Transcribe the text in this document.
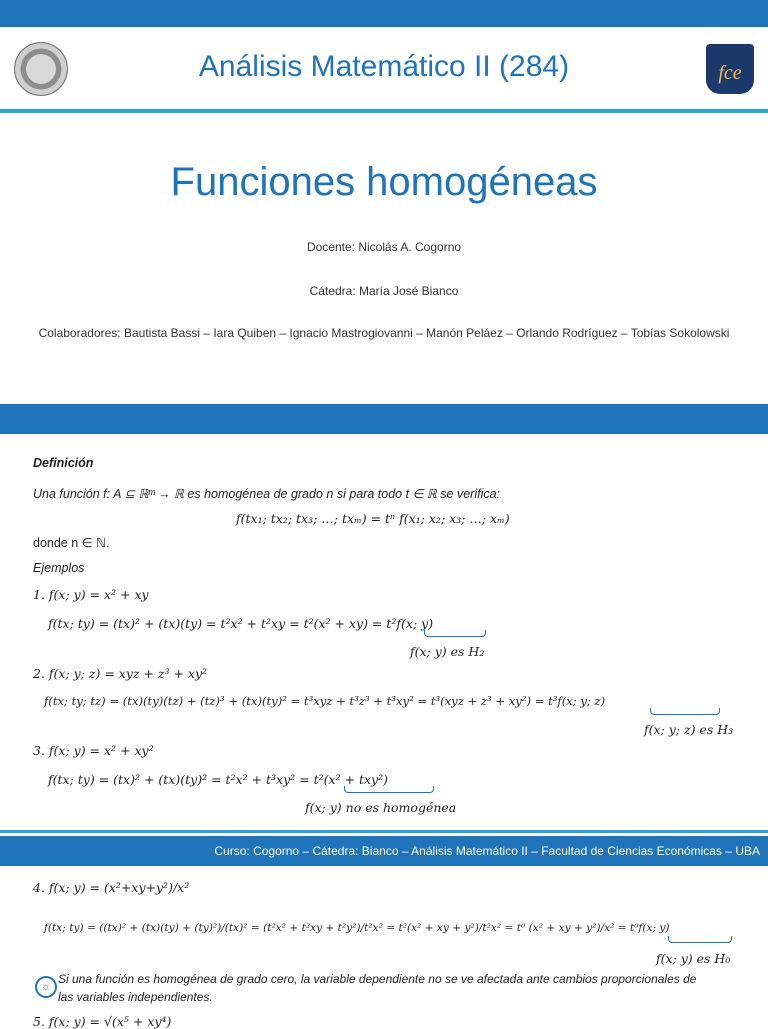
Análisis Matemático II (284)	fce
Funciones homogéneas
Docente: Nicolás A. Cogorno
Cátedra: María José Bianco
Colaboradores: Bautista Bassi – Iara Quiben – Ignacio Mastrogiovanni – Manón Peláez – Orlando Rodríguez – Tobías Sokolowski
Definición
Una función f: A ⊆ ℝᵐ → ℝ es homogénea de grado n si para todo t ∈ ℝ se verifica:
f(tx₁; tx₂; tx₃; …; txₘ) = tⁿ f(x₁; x₂; x₃; …; xₘ)
donde n ∈ ℕ.
Ejemplos
1. f(x; y) = x² + xy
f(tx; ty) = (tx)² + (tx)(ty) = t²x² + t²xy = t²(x² + xy) = t²f(x; y)
f(x; y) es H₂
2. f(x; y; z) = xyz + z³ + xy²
f(tx; ty; tz) = (tx)(ty)(tz) + (tz)³ + (tx)(ty)² = t³xyz + t³z³ + t³xy² = t³(xyz + z³ + xy²) = t³f(x; y; z)
f(x; y; z) es H₃
3. f(x; y) = x² + xy²
f(tx; ty) = (tx)² + (tx)(ty)² = t²x² + t³xy² = t²(x² + txy²)
f(x; y) no es homogénea
Curso: Cogorno – Cátedra: Bianco – Análisis Matemático II – Facultad de Ciencias Económicas – UBA
4. f(x; y) = (x²+xy+y²)/x²
f(tx; ty) = ((tx)² + (tx)(ty) + (ty)²)/(tx)² = (t²x² + t²xy + t²y²)/t²x² = t²(x² + xy + y²)/t²x² = t⁰ (x² + xy + y²)/x² = t⁰f(x; y)
f(x; y) es H₀
☼
Si una función es homogénea de grado cero, la variable dependiente no se ve afectada ante cambios proporcionales de
las variables independientes.
5. f(x; y) = √(x⁵ + xy⁴)
